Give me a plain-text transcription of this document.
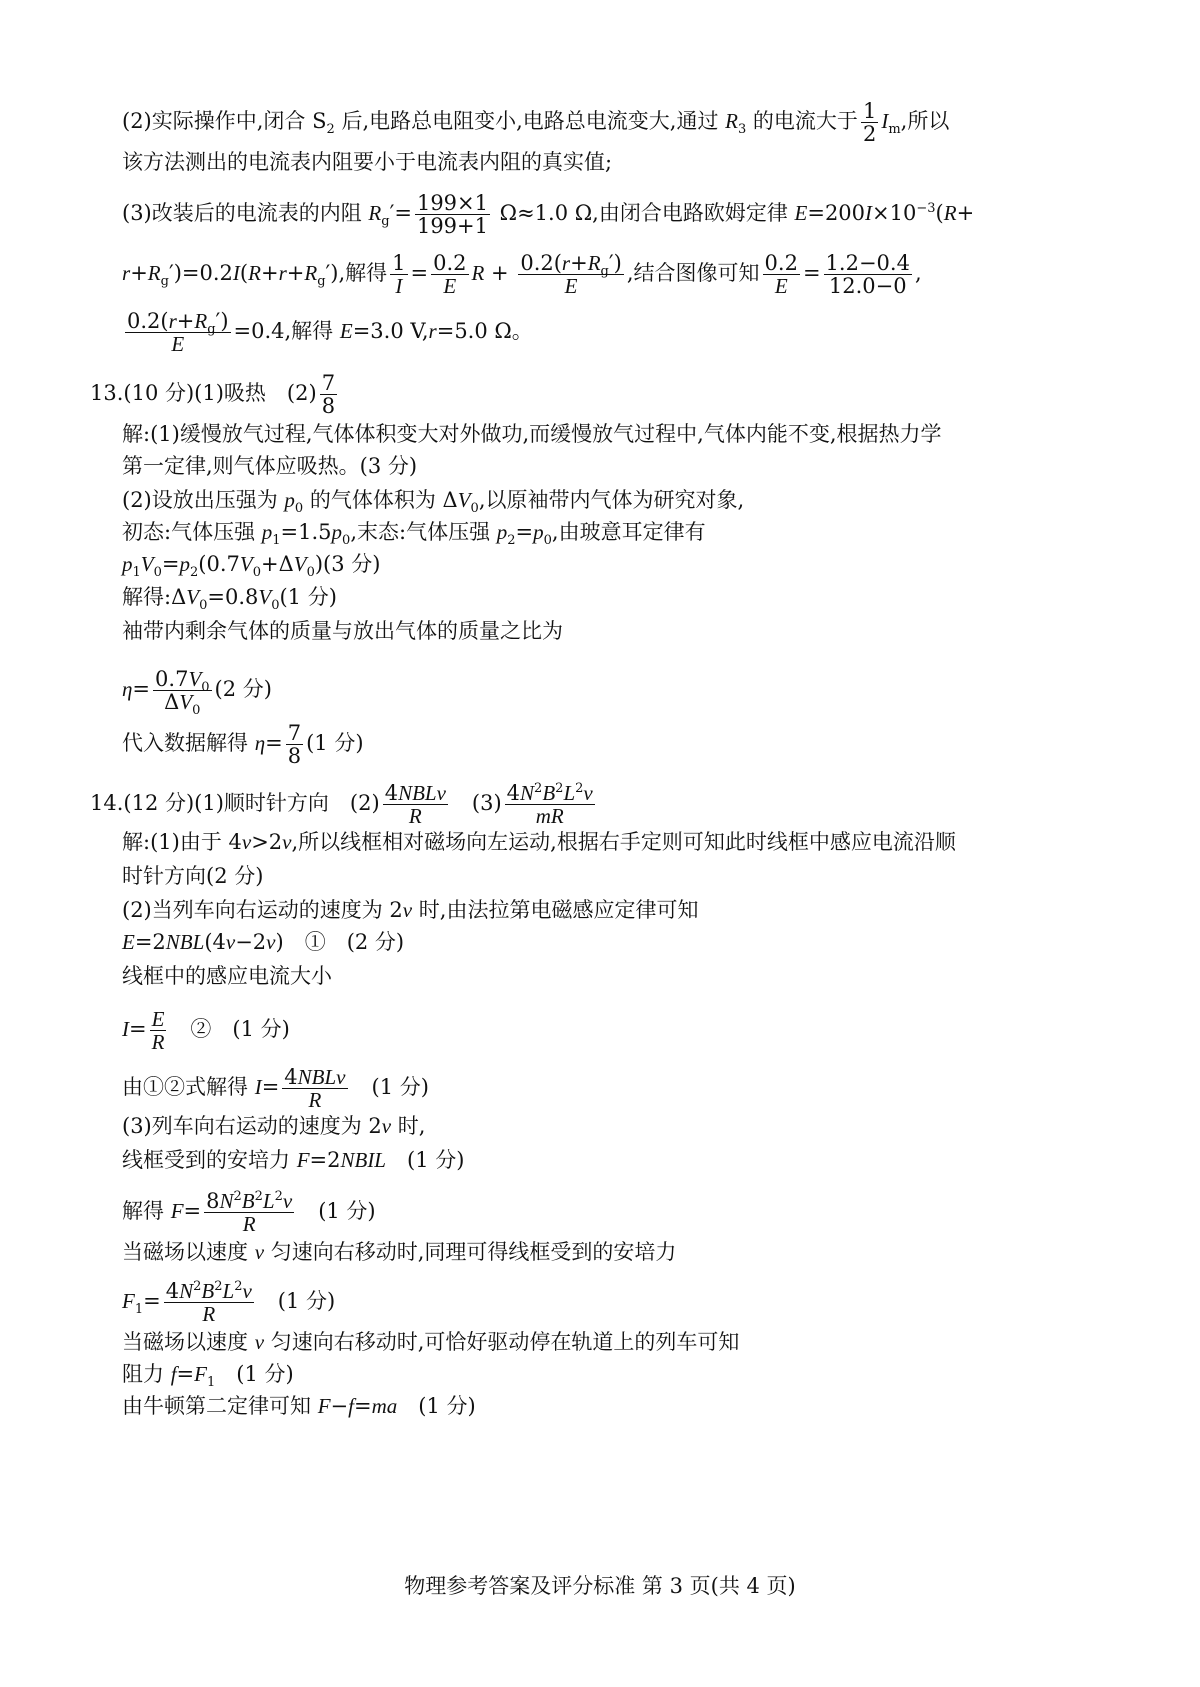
(2)实际操作中,闭合 $S_2$ 后,电路总电阻变小,电路总电流变大,通过 $R_3$ 的电流大于 $\frac{1}{2} I_m$,所以
该方法测出的电流表内阻要小于电流表内阻的真实值;
(3)改装后的电流表的内阻 $R_g'= \frac{199\times 1}{199+1} \Omega\approx 1.0$ Ω,由闭合电路欧姆定律 $E=200I\times 10^{-3}(R+$
$r+R_g')=0.2I(R+r+R_g')$,解得 $\frac{1}{I} = \frac{0.2}{E}$ $R + \frac{0.2(r+R_g')}{E}$ ,结合图像可知 $\frac{0.2}{E} = \frac{1.2-0.4}{12.0-0}$ ,
$\frac{0.2(r+R_g')}{E} =0.4$,解得 E=3.0 V,r=5.0 Ω。
13.(10 分)(1)吸热　$(2) \frac{7}{8}$
解:(1)缓慢放气过程,气体体积变大对外做功,而缓慢放气过程中,气体内能不变,根据热力学
第一定律,则气体应吸热。(3 分)
(2)设放出压强为 $p_0$ 的气体体积为 $\Delta V_0$,以原袖带内气体为研究对象,
初态:气体压强 $p_1=1.5p_0$,末态:气体压强 $p_2=p_0$,由玻意耳定律有
$p_1V_0=p_2(0.7V_0+\Delta V_0)(3$ 分)
解得$:\Delta V_0=0.8V_0(1$ 分)
袖带内剩余气体的质量与放出气体的质量之比为
$\eta= \frac{0.7V_0}{\Delta V_0} (2$ 分)
代入数据解得 $\eta= \frac{7}{8} (1$ 分)
14.(12 分)(1)顺时针方向　$(2) \frac{\text{4NBLv}}{R}$ 　$(3) \frac{4N^2B^2L^2v}{mR}$
解:(1)由于 4v>2v,所以线框相对磁场向左运动,根据右手定则可知此时线框中感应电流沿顺
时针方向(2 分)
(2)当列车向右运动的速度为 2v 时,由法拉第电磁感应定律可知
E=2NBL(4v−2v)　①　(2 分)
线框中的感应电流大小
$I= \frac{E}{R}$ 　②　(1 分)
由①②式解得 $I= \frac{\text{4NBLv}}{R}$ 　(1 分)
(3)列车向右运动的速度为 2v 时,
线框受到的安培力 F=2NBIL　(1 分)
解得 $F= \frac{8N^2B^2L^2v}{R}$ 　(1 分)
当磁场以速度 v 匀速向右移动时,同理可得线框受到的安培力
$F_1= \frac{4N^2B^2L^2v}{R}$ 　(1 分)
当磁场以速度 v 匀速向右移动时,可恰好驱动停在轨道上的列车可知
阻力 $f=F_1$　(1 分)
由牛顿第二定律可知 F−f=ma　(1 分)
物理参考答案及评分标准 第 3 页(共 4 页)
